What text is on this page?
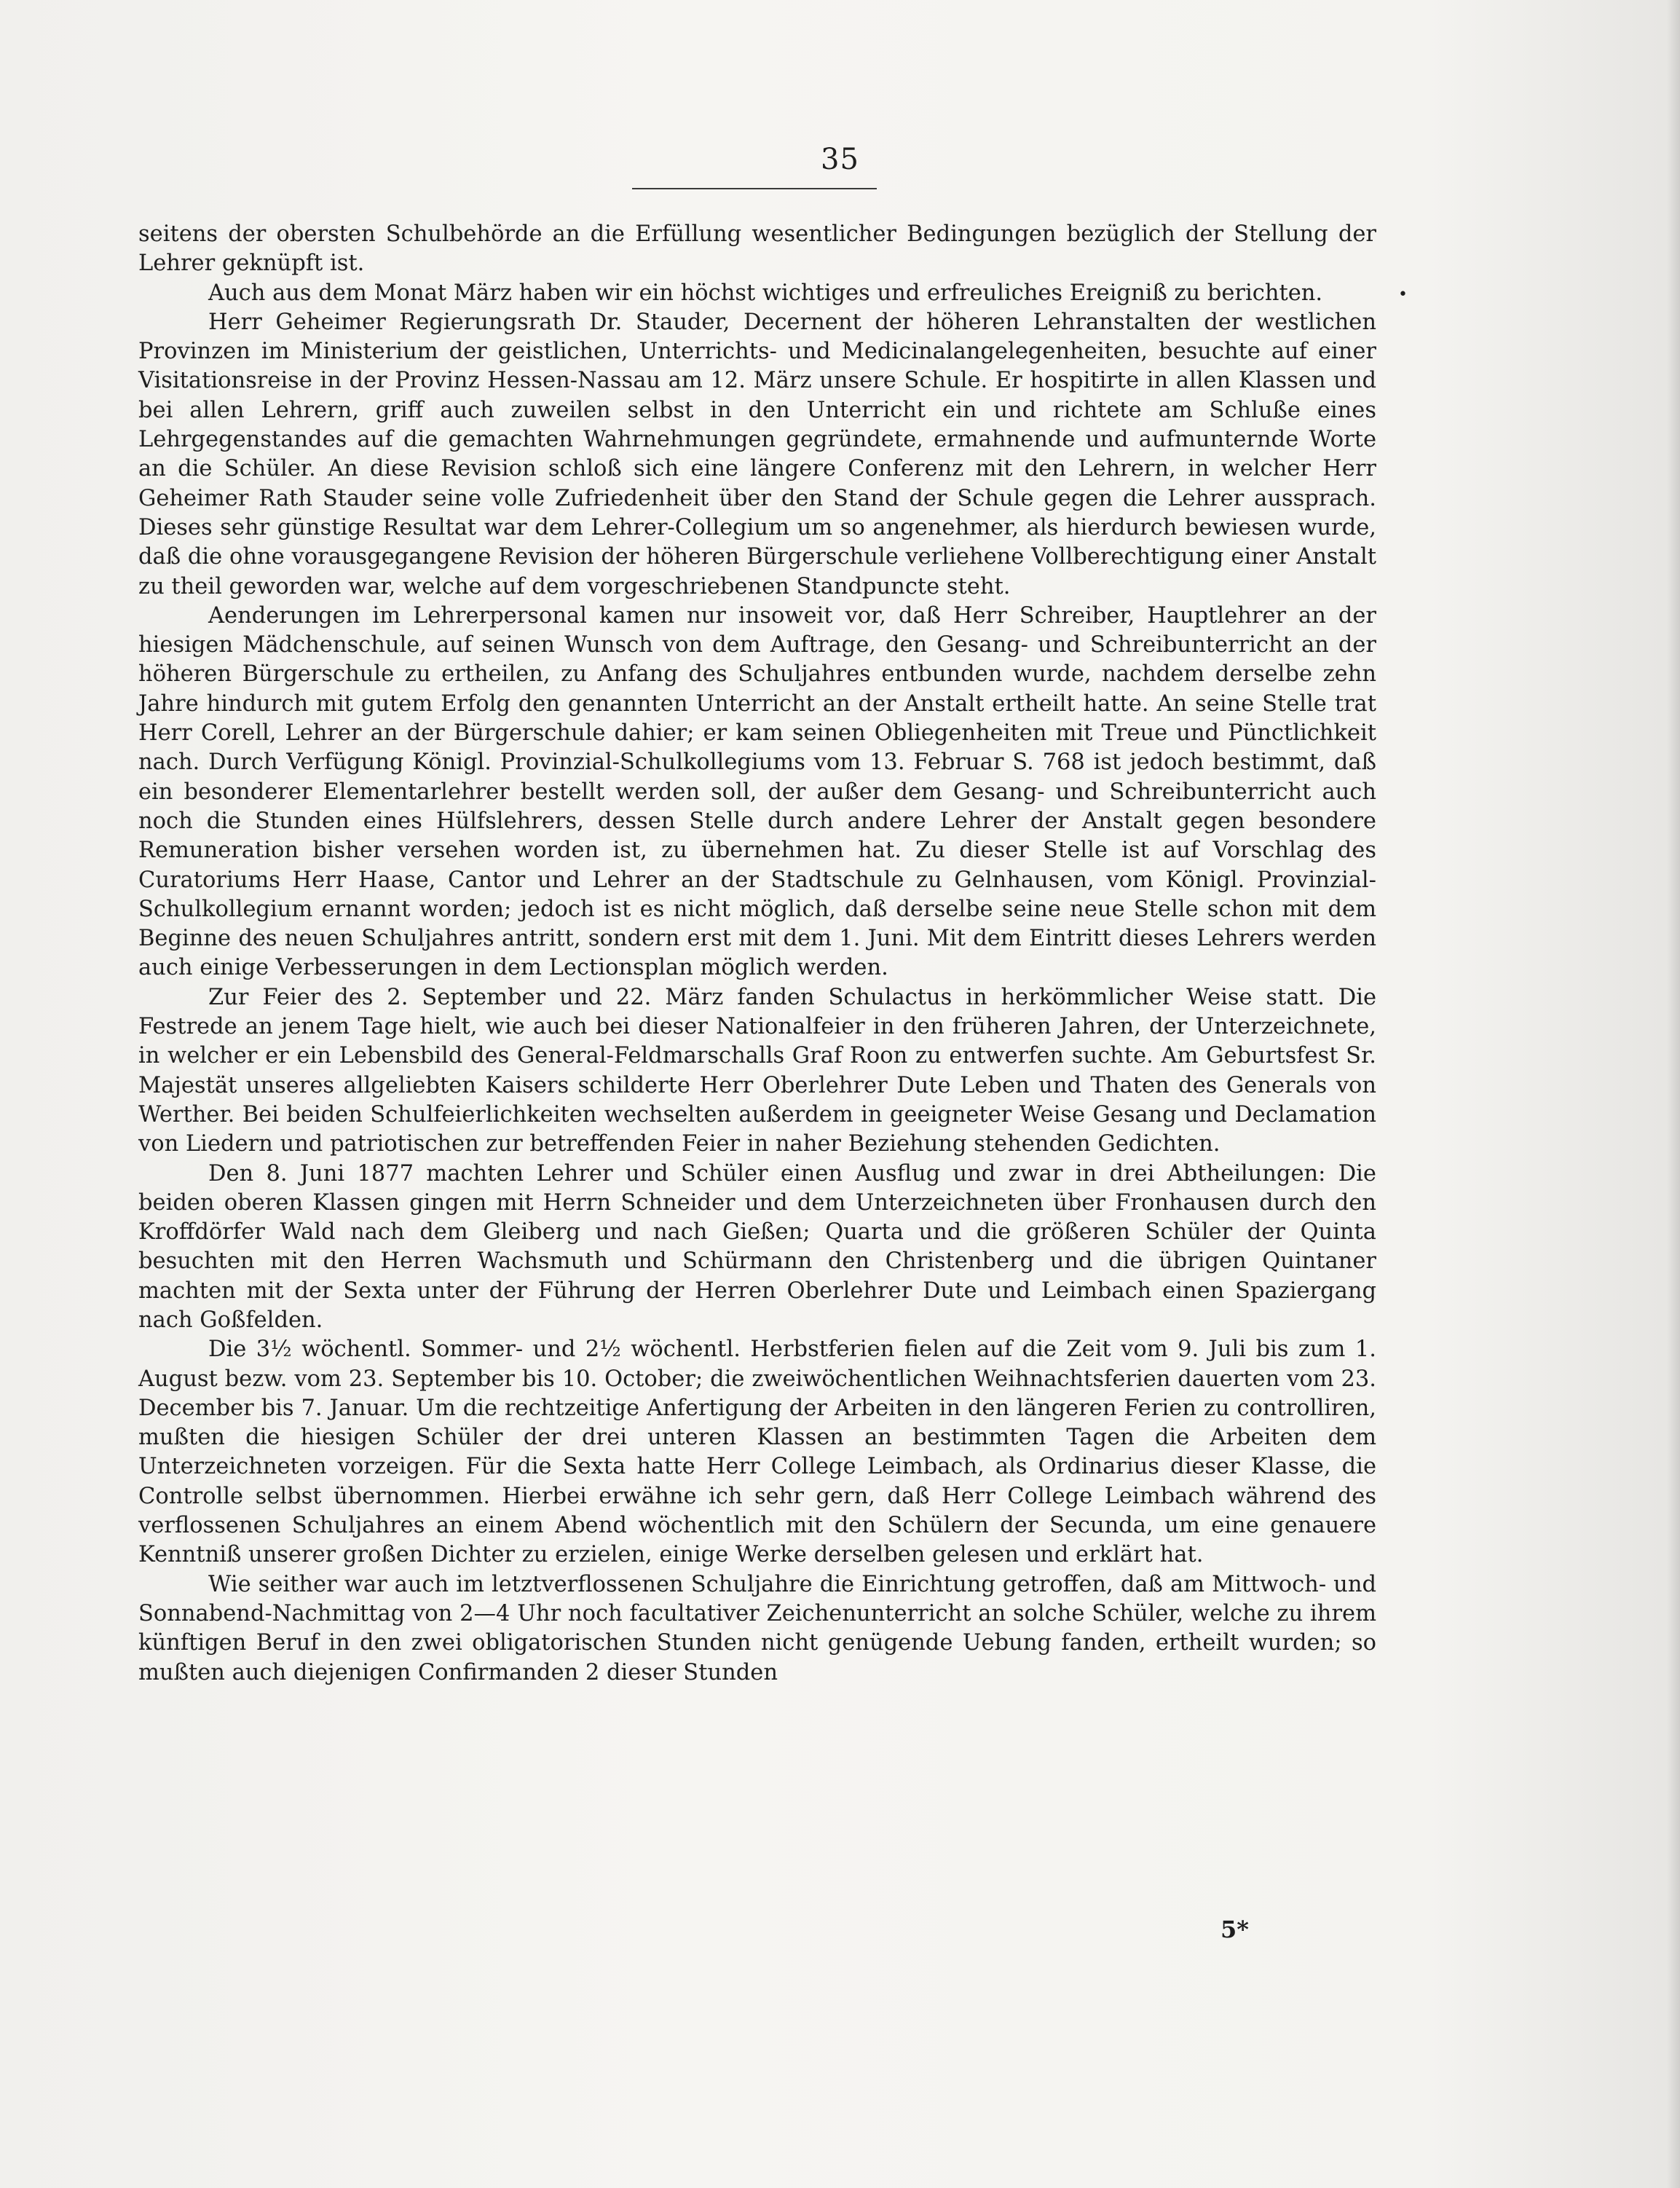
35
•

seitens der obersten Schulbehörde an die Erfüllung wesentlicher Bedingungen bezüglich der Stellung der Lehrer geknüpft ist.

Auch aus dem Monat März haben wir ein höchst wichtiges und erfreuliches Ereigniß zu berichten.

Herr Geheimer Regierungsrath Dr. Stauder, Decernent der höheren Lehranstalten der westlichen Provinzen im Ministerium der geistlichen, Unterrichts- und Medicinalangelegenheiten, besuchte auf einer Visitationsreise in der Provinz Hessen-Nassau am 12. März unsere Schule. Er hospitirte in allen Klassen und bei allen Lehrern, griff auch zuweilen selbst in den Unterricht ein und richtete am Schluße eines Lehrgegenstandes auf die gemachten Wahrnehmungen gegründete, ermahnende und aufmunternde Worte an die Schüler. An diese Revision schloß sich eine längere Conferenz mit den Lehrern, in welcher Herr Geheimer Rath Stauder seine volle Zufriedenheit über den Stand der Schule gegen die Lehrer aussprach. Dieses sehr günstige Resultat war dem Lehrer-Collegium um so angenehmer, als hierdurch bewiesen wurde, daß die ohne vorausgegangene Revision der höheren Bürgerschule verliehene Vollberechtigung einer Anstalt zu theil geworden war, welche auf dem vorgeschriebenen Standpuncte steht.

Aenderungen im Lehrerpersonal kamen nur insoweit vor, daß Herr Schreiber, Hauptlehrer an der hiesigen Mädchenschule, auf seinen Wunsch von dem Auftrage, den Gesang- und Schreibunterricht an der höheren Bürgerschule zu ertheilen, zu Anfang des Schuljahres entbunden wurde, nachdem derselbe zehn Jahre hindurch mit gutem Erfolg den genannten Unterricht an der Anstalt ertheilt hatte. An seine Stelle trat Herr Corell, Lehrer an der Bürgerschule dahier; er kam seinen Obliegenheiten mit Treue und Pünctlichkeit nach. Durch Verfügung Königl. Provinzial-Schulkollegiums vom 13. Februar S. 768 ist jedoch bestimmt, daß ein besonderer Elementarlehrer bestellt werden soll, der außer dem Gesang- und Schreibunterricht auch noch die Stunden eines Hülfslehrers, dessen Stelle durch andere Lehrer der Anstalt gegen besondere Remuneration bisher versehen worden ist, zu übernehmen hat. Zu dieser Stelle ist auf Vorschlag des Curatoriums Herr Haase, Cantor und Lehrer an der Stadtschule zu Gelnhausen, vom Königl. Provinzial-Schulkollegium ernannt worden; jedoch ist es nicht möglich, daß derselbe seine neue Stelle schon mit dem Beginne des neuen Schuljahres antritt, sondern erst mit dem 1. Juni. Mit dem Eintritt dieses Lehrers werden auch einige Verbesserungen in dem Lectionsplan möglich werden.

Zur Feier des 2. September und 22. März fanden Schulactus in herkömmlicher Weise statt. Die Festrede an jenem Tage hielt, wie auch bei dieser Nationalfeier in den früheren Jahren, der Unterzeichnete, in welcher er ein Lebensbild des General-Feldmarschalls Graf Roon zu entwerfen suchte. Am Geburtsfest Sr. Majestät unseres allgeliebten Kaisers schilderte Herr Oberlehrer Dute Leben und Thaten des Generals von Werther. Bei beiden Schulfeierlichkeiten wechselten außerdem in geeigneter Weise Gesang und Declamation von Liedern und patriotischen zur betreffenden Feier in naher Beziehung stehenden Gedichten.

Den 8. Juni 1877 machten Lehrer und Schüler einen Ausflug und zwar in drei Abtheilungen: Die beiden oberen Klassen gingen mit Herrn Schneider und dem Unterzeichneten über Fronhausen durch den Kroffdörfer Wald nach dem Gleiberg und nach Gießen; Quarta und die größeren Schüler der Quinta besuchten mit den Herren Wachsmuth und Schürmann den Christenberg und die übrigen Quintaner machten mit der Sexta unter der Führung der Herren Oberlehrer Dute und Leimbach einen Spaziergang nach Goßfelden.

Die 3½ wöchentl. Sommer- und 2½ wöchentl. Herbstferien fielen auf die Zeit vom 9. Juli bis zum 1. August bezw. vom 23. September bis 10. October; die zweiwöchentlichen Weihnachtsferien dauerten vom 23. December bis 7. Januar. Um die rechtzeitige Anfertigung der Arbeiten in den längeren Ferien zu controlliren, mußten die hiesigen Schüler der drei unteren Klassen an bestimmten Tagen die Arbeiten dem Unterzeichneten vorzeigen. Für die Sexta hatte Herr College Leimbach, als Ordinarius dieser Klasse, die Controlle selbst übernommen. Hierbei erwähne ich sehr gern, daß Herr College Leimbach während des verflossenen Schuljahres an einem Abend wöchentlich mit den Schülern der Secunda, um eine genauere Kenntniß unserer großen Dichter zu erzielen, einige Werke derselben gelesen und erklärt hat.

Wie seither war auch im letztverflossenen Schuljahre die Einrichtung getroffen, daß am Mittwoch- und Sonnabend-Nachmittag von 2—4 Uhr noch facultativer Zeichenunterricht an solche Schüler, welche zu ihrem künftigen Beruf in den zwei obligatorischen Stunden nicht genügende Uebung fanden, ertheilt wurden; so mußten auch diejenigen Confirmanden 2 dieser Stunden

5*
